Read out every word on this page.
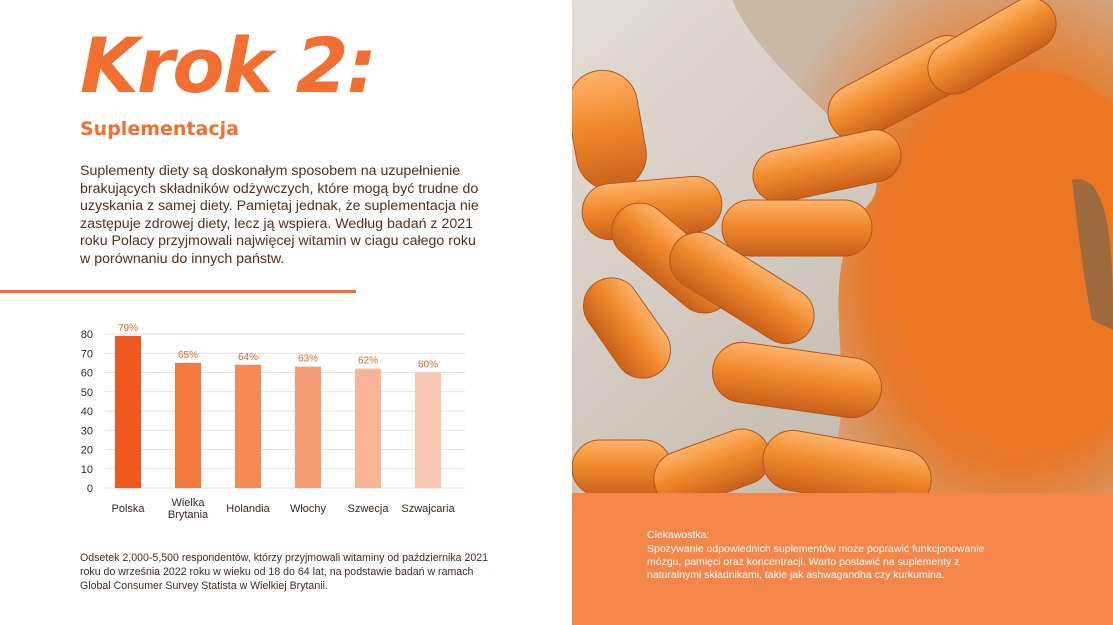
Krok 2:
Suplementacja

Suplementy diety są doskonałym sposobem na uzupełnienie brakujących składników odżywczych, które mogą być trudne do uzyskania z samej diety. Pamiętaj jednak, że suplementacja nie zastępuje zdrowej diety, lecz ją wspiera. Według badań z 2021 roku Polacy przyjmowali najwięcej witamin w ciagu całego roku w porównaniu do innych państw.

0
10
20
30
40
50
60
70
80
79%
Polska
65%
Wielka
Brytania
64%
Holandia
63%
Włochy
62%
Szwecja
60%
Szwajcaria

Odsetek 2,000-5,500 respondentów, którzy przyjmowali witaminy od października 2021 roku do września 2022 roku w wieku od 18 do 64 lat, na podstawie badań w ramach Global Consumer Survey Statista w Wielkiej Brytanii.

Ciekawostka:
Spożywanie odpowiednich suplementów może poprawić funkcjonowanie mózgu, pamięci oraz koncentracji. Warto postawić na suplementy z naturalnymi składnikami, takie jak ashwagandha czy kurkumina.
